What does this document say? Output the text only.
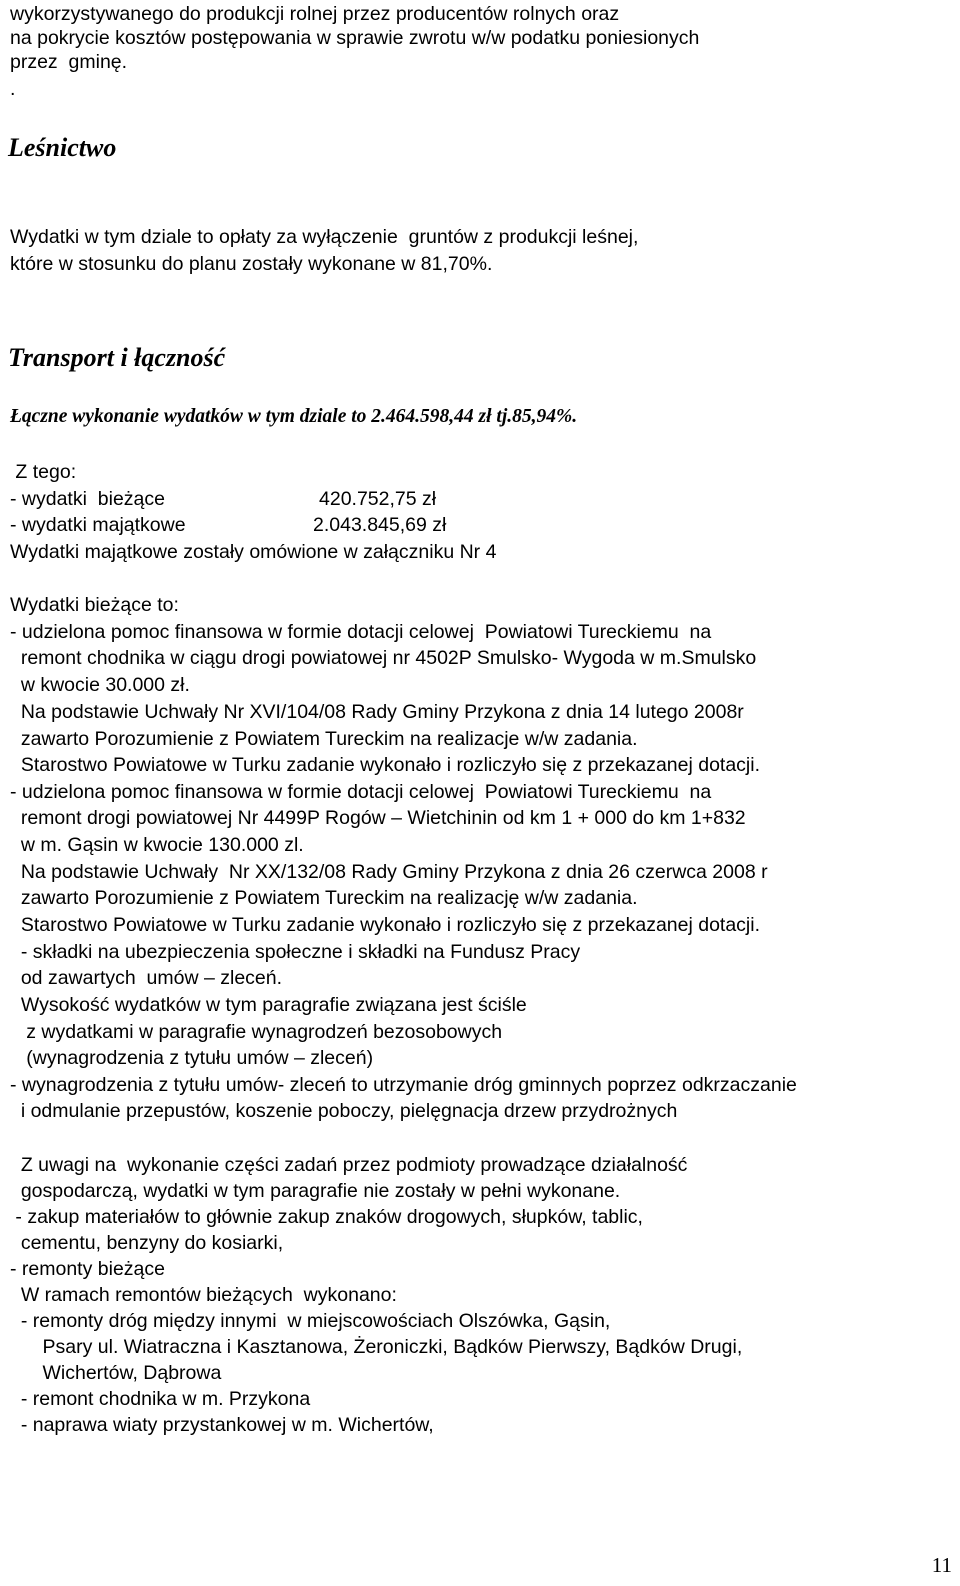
wykorzystywanego do produkcji rolnej przez producentów rolnych oraz

na pokrycie kosztów postępowania w sprawie zwrotu w/w podatku poniesionych

przez  gminę.

.

Leśnictwo

Wydatki w tym dziale to opłaty za wyłączenie  gruntów z produkcji leśnej,

które w stosunku do planu zostały wykonane w 81,70%.

Transport i łączność

Łączne wykonanie wydatków w tym dziale to 2.464.598,44 zł tj.85,94%.

Z tego:

- wydatki  bieżące	420.752,75 zł

- wydatki majątkowe	2.043.845,69 zł

Wydatki majątkowe zostały omówione w załączniku Nr 4

Wydatki bieżące to:

- udzielona pomoc finansowa w formie dotacji celowej  Powiatowi Tureckiemu  na

remont chodnika w ciągu drogi powiatowej nr 4502P Smulsko- Wygoda w m.Smulsko

w kwocie 30.000 zł.

Na podstawie Uchwały Nr XVI/104/08 Rady Gminy Przykona z dnia 14 lutego 2008r

zawarto Porozumienie z Powiatem Tureckim na realizacje w/w zadania.

Starostwo Powiatowe w Turku zadanie wykonało i rozliczyło się z przekazanej dotacji.

- udzielona pomoc finansowa w formie dotacji celowej  Powiatowi Tureckiemu  na

remont drogi powiatowej Nr 4499P Rogów – Wietchinin od km 1 + 000 do km 1+832

w m. Gąsin w kwocie 130.000 zl.

Na podstawie Uchwały  Nr XX/132/08 Rady Gminy Przykona z dnia 26 czerwca 2008 r

zawarto Porozumienie z Powiatem Tureckim na realizację w/w zadania.

Starostwo Powiatowe w Turku zadanie wykonało i rozliczyło się z przekazanej dotacji.

- składki na ubezpieczenia społeczne i składki na Fundusz Pracy

od zawartych  umów – zleceń.

Wysokość wydatków w tym paragrafie związana jest ściśle

z wydatkami w paragrafie wynagrodzeń bezosobowych

(wynagrodzenia z tytułu umów – zleceń)

- wynagrodzenia z tytułu umów- zleceń to utrzymanie dróg gminnych poprzez odkrzaczanie

i odmulanie przepustów, koszenie poboczy, pielęgnacja drzew przydrożnych

Z uwagi na  wykonanie części zadań przez podmioty prowadzące działalność

gospodarczą, wydatki w tym paragrafie nie zostały w pełni wykonane.

- zakup materiałów to głównie zakup znaków drogowych, słupków, tablic,

cementu, benzyny do kosiarki,

- remonty bieżące

W ramach remontów bieżących  wykonano:

- remonty dróg między innymi  w miejscowościach Olszówka, Gąsin,

Psary ul. Wiatraczna i Kasztanowa, Żeroniczki, Bądków Pierwszy, Bądków Drugi,

Wichertów, Dąbrowa

- remont chodnika w m. Przykona

- naprawa wiaty przystankowej w m. Wichertów,

11
